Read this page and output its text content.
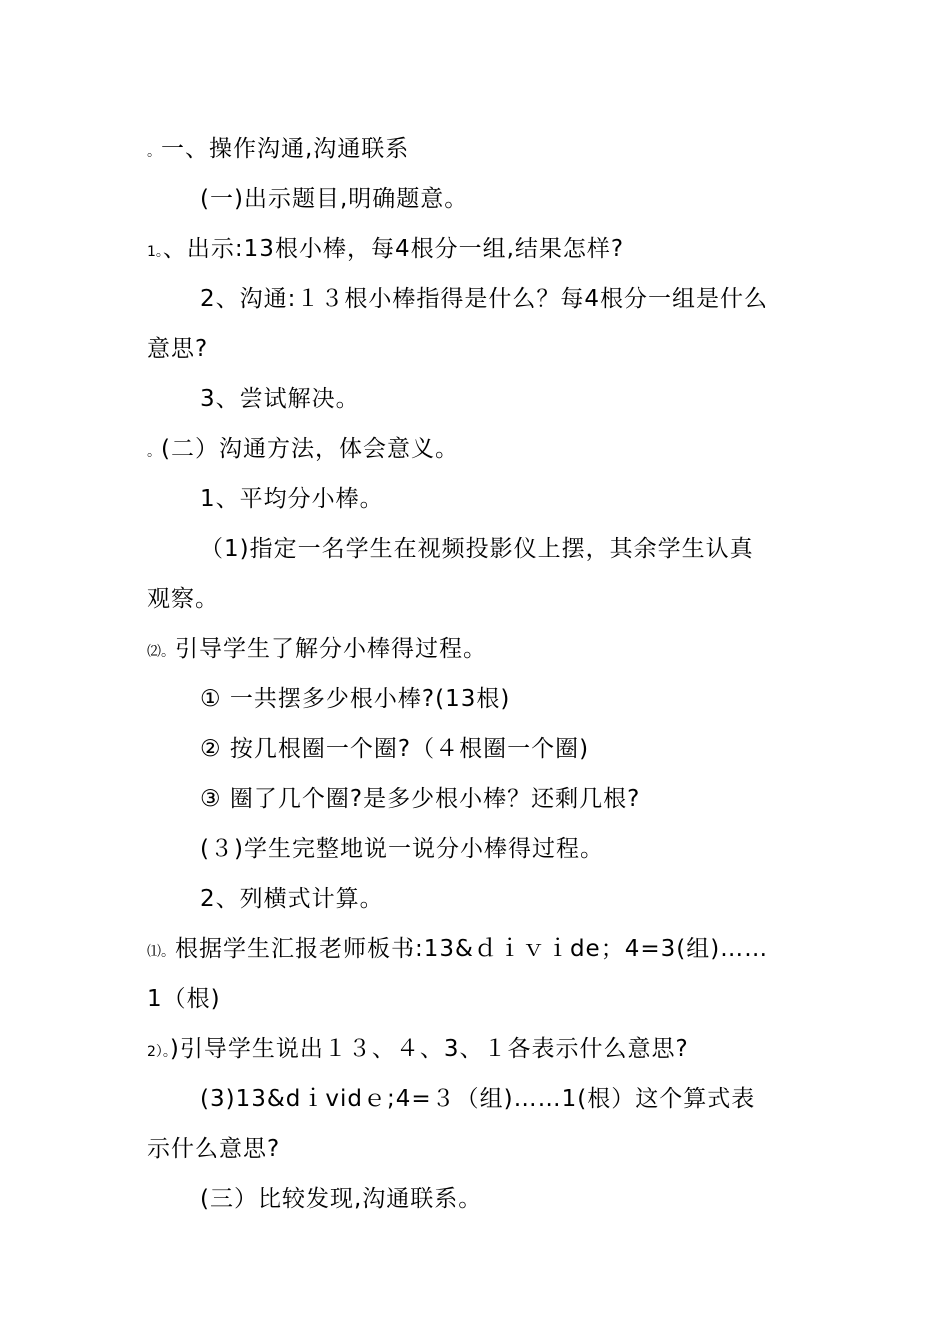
。一、操作沟通,沟通联系
(一)出示题目,明确题意。
1。、出示:13根小棒，每4根分一组,结果怎样?
2、沟通:１３根小棒指得是什么？每4根分一组是什么
意思?
3、尝试解决。
。(二）沟通方法，体会意义。
1、平均分小棒。
（1)指定一名学生在视频投影仪上摆，其余学生认真
观察。
⑵。引导学生了解分小棒得过程。
① 一共摆多少根小棒?(13根)
② 按几根圈一个圈?（４根圈一个圈)
③ 圈了几个圈?是多少根小棒？还剩几根?
(３)学生完整地说一说分小棒得过程。
2、列横式计算。
⑴。根据学生汇报老师板书:13&ｄｉｖｉde；4=3(组)……
1（根)
2）。)引导学生说出１３、４、3、１各表示什么意思?
(3)13&dｉvidｅ;4=３（组)……1(根）这个算式表
示什么意思?
(三）比较发现,沟通联系。
